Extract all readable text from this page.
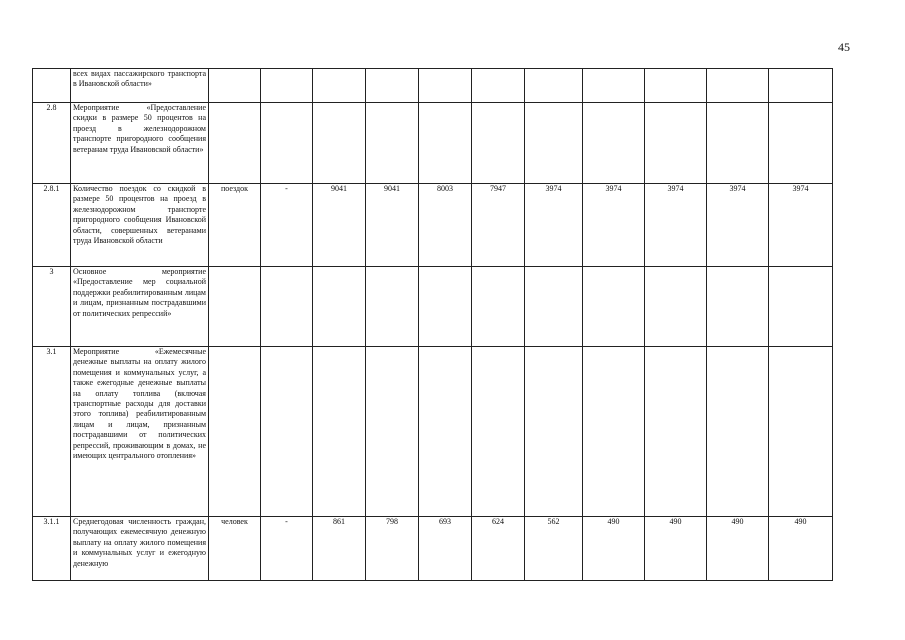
45
	всех видах пассажирского транспорта в Ивановской области»											
2.8	Мероприятие «Предоставление скидки в размере 50 процентов на проезд в железнодорожном транспорте пригородного сообщения ветеранам труда Ивановской области»											
2.8.1	Количество поездок со скидкой в размере 50 процентов на проезд в железнодорожном транспорте пригородного сообщения Ивановской области, совершенных ветеранами труда Ивановской области	поездок	-	9041	9041	8003	7947	3974	3974	3974	3974	3974
3	Основное мероприятие «Предоставление мер социальной поддержки реабилитированным лицам и лицам, признанным пострадавшими от политических репрессий»											
3.1	Мероприятие «Ежемесячные денежные выплаты на оплату жилого помещения и коммунальных услуг, а также ежегодные денежные выплаты на оплату топлива (включая транспортные расходы для доставки этого топлива) реабилитированным лицам и лицам, признанным пострадавшими от политических репрессий, проживающим в домах, не имеющих центрального отопления»											
3.1.1	Среднегодовая численность граждан, получающих ежемесячную денежную выплату на оплату жилого помещения и коммунальных услуг и ежегодную денежную	человек	-	861	798	693	624	562	490	490	490	490
